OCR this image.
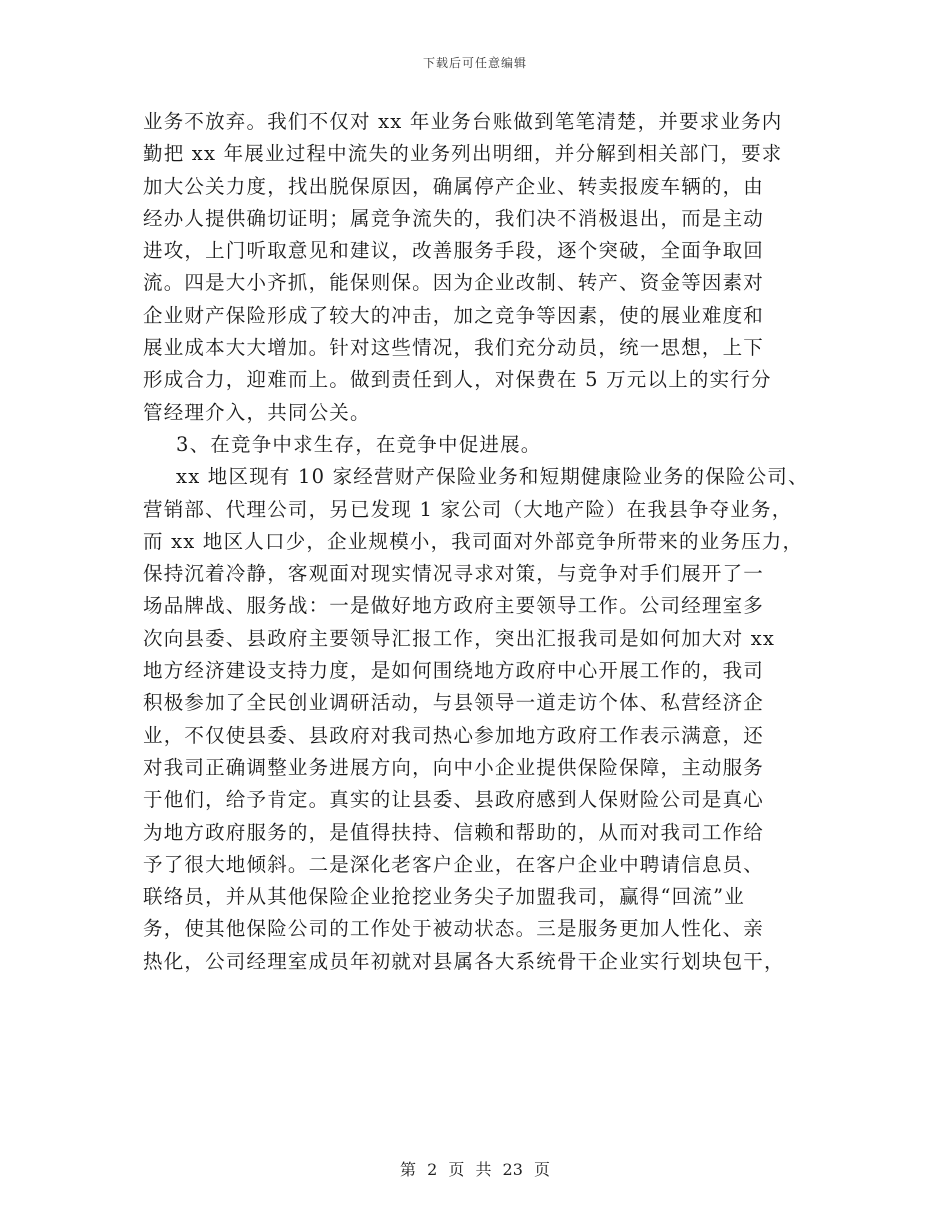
下载后可任意编辑
业务不放弃。我们不仅对 xx 年业务台账做到笔笔清楚，并要求业务内
勤把 xx 年展业过程中流失的业务列出明细，并分解到相关部门，要求
加大公关力度，找出脱保原因，确属停产企业、转卖报废车辆的，由
经办人提供确切证明；属竞争流失的，我们决不消极退出，而是主动
进攻，上门听取意见和建议，改善服务手段，逐个突破，全面争取回
流。四是大小齐抓，能保则保。因为企业改制、转产、资金等因素对
企业财产保险形成了较大的冲击，加之竞争等因素，使的展业难度和
展业成本大大增加。针对这些情况，我们充分动员，统一思想，上下
形成合力，迎难而上。做到责任到人，对保费在 5 万元以上的实行分
管经理介入，共同公关。
3、在竞争中求生存，在竞争中促进展。
xx 地区现有 10 家经营财产保险业务和短期健康险业务的保险公司、
营销部、代理公司，另已发现 1 家公司（大地产险）在我县争夺业务，
而 xx 地区人口少，企业规模小，我司面对外部竞争所带来的业务压力，
保持沉着冷静，客观面对现实情况寻求对策，与竞争对手们展开了一
场品牌战、服务战：一是做好地方政府主要领导工作。公司经理室多
次向县委、县政府主要领导汇报工作，突出汇报我司是如何加大对 xx
地方经济建设支持力度，是如何围绕地方政府中心开展工作的，我司
积极参加了全民创业调研活动，与县领导一道走访个体、私营经济企
业，不仅使县委、县政府对我司热心参加地方政府工作表示满意，还
对我司正确调整业务进展方向，向中小企业提供保险保障，主动服务
于他们，给予肯定。真实的让县委、县政府感到人保财险公司是真心
为地方政府服务的，是值得扶持、信赖和帮助的，从而对我司工作给
予了很大地倾斜。二是深化老客户企业，在客户企业中聘请信息员、
联络员，并从其他保险企业抢挖业务尖子加盟我司，赢得“回流”业
务，使其他保险公司的工作处于被动状态。三是服务更加人性化、亲
热化，公司经理室成员年初就对县属各大系统骨干企业实行划块包干，
第 2 页 共 23 页
